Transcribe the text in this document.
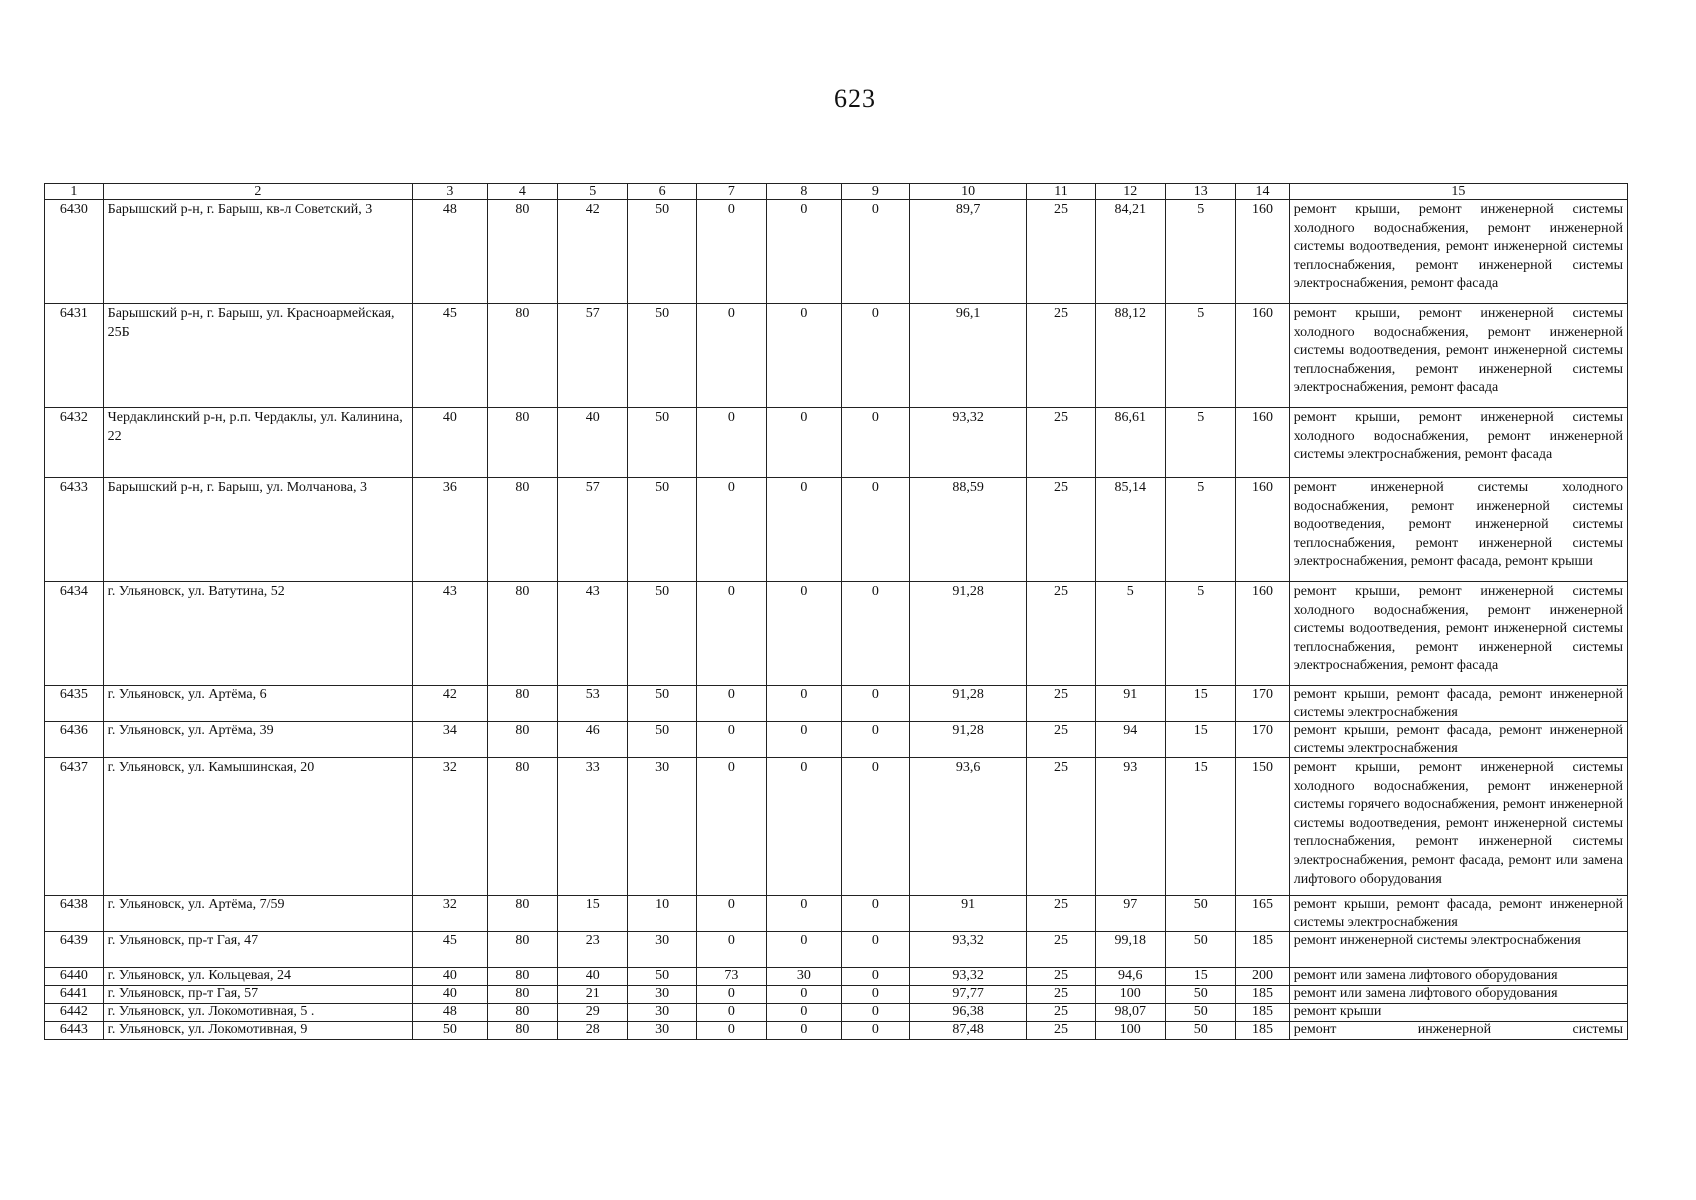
623
1	2	3	4	5	6	7	8	9	10	11	12	13	14	15
6430	Барышский р-н, г. Барыш, кв-л Советский, 3	48	80	42	50	0	0	0	89,7	25	84,21	5	160	ремонт крыши, ремонт инженерной системы холодного водоснабжения, ремонт инженерной системы водоотведения, ремонт инженерной системы теплоснабжения, ремонт инженерной системы электроснабжения, ремонт фасада
6431	Барышский р-н, г. Барыш, ул. Красноармейская, 25Б	45	80	57	50	0	0	0	96,1	25	88,12	5	160	ремонт крыши, ремонт инженерной системы холодного водоснабжения, ремонт инженерной системы водоотведения, ремонт инженерной системы теплоснабжения, ремонт инженерной системы электроснабжения, ремонт фасада
6432	Чердаклинский р-н, р.п. Чердаклы, ул. Калинина, 22	40	80	40	50	0	0	0	93,32	25	86,61	5	160	ремонт крыши, ремонт инженерной системы холодного водоснабжения, ремонт инженерной системы электроснабжения, ремонт фасада
6433	Барышский р-н, г. Барыш, ул. Молчанова, 3	36	80	57	50	0	0	0	88,59	25	85,14	5	160	ремонт инженерной системы холодного водоснабжения, ремонт инженерной системы водоотведения, ремонт инженерной системы теплоснабжения, ремонт инженерной системы электроснабжения, ремонт фасада, ремонт крыши
6434	г. Ульяновск, ул. Ватутина, 52	43	80	43	50	0	0	0	91,28	25	5	5	160	ремонт крыши, ремонт инженерной системы холодного водоснабжения, ремонт инженерной системы водоотведения, ремонт инженерной системы теплоснабжения, ремонт инженерной системы электроснабжения, ремонт фасада
6435	г. Ульяновск, ул. Артёма, 6	42	80	53	50	0	0	0	91,28	25	91	15	170	ремонт крыши, ремонт фасада, ремонт инженерной системы электроснабжения
6436	г. Ульяновск, ул. Артёма, 39	34	80	46	50	0	0	0	91,28	25	94	15	170	ремонт крыши, ремонт фасада, ремонт инженерной системы электроснабжения
6437	г. Ульяновск, ул. Камышинская, 20	32	80	33	30	0	0	0	93,6	25	93	15	150	ремонт крыши, ремонт инженерной системы холодного водоснабжения, ремонт инженерной системы горячего водоснабжения, ремонт инженерной системы водоотведения, ремонт инженерной системы теплоснабжения, ремонт инженерной системы электроснабжения, ремонт фасада, ремонт или замена лифтового оборудования
6438	г. Ульяновск, ул. Артёма, 7/59	32	80	15	10	0	0	0	91	25	97	50	165	ремонт крыши, ремонт фасада, ремонт инженерной системы электроснабжения
6439	г. Ульяновск, пр-т Гая, 47	45	80	23	30	0	0	0	93,32	25	99,18	50	185	ремонт инженерной системы электроснабжения
6440	г. Ульяновск, ул. Кольцевая, 24	40	80	40	50	73	30	0	93,32	25	94,6	15	200	ремонт или замена лифтового оборудования
6441	г. Ульяновск, пр-т Гая, 57	40	80	21	30	0	0	0	97,77	25	100	50	185	ремонт или замена лифтового оборудования
6442	г. Ульяновск, ул. Локомотивная, 5 .	48	80	29	30	0	0	0	96,38	25	98,07	50	185	ремонт крыши
6443	г. Ульяновск, ул. Локомотивная, 9	50	80	28	30	0	0	0	87,48	25	100	50	185	ремонт инженерной системы
